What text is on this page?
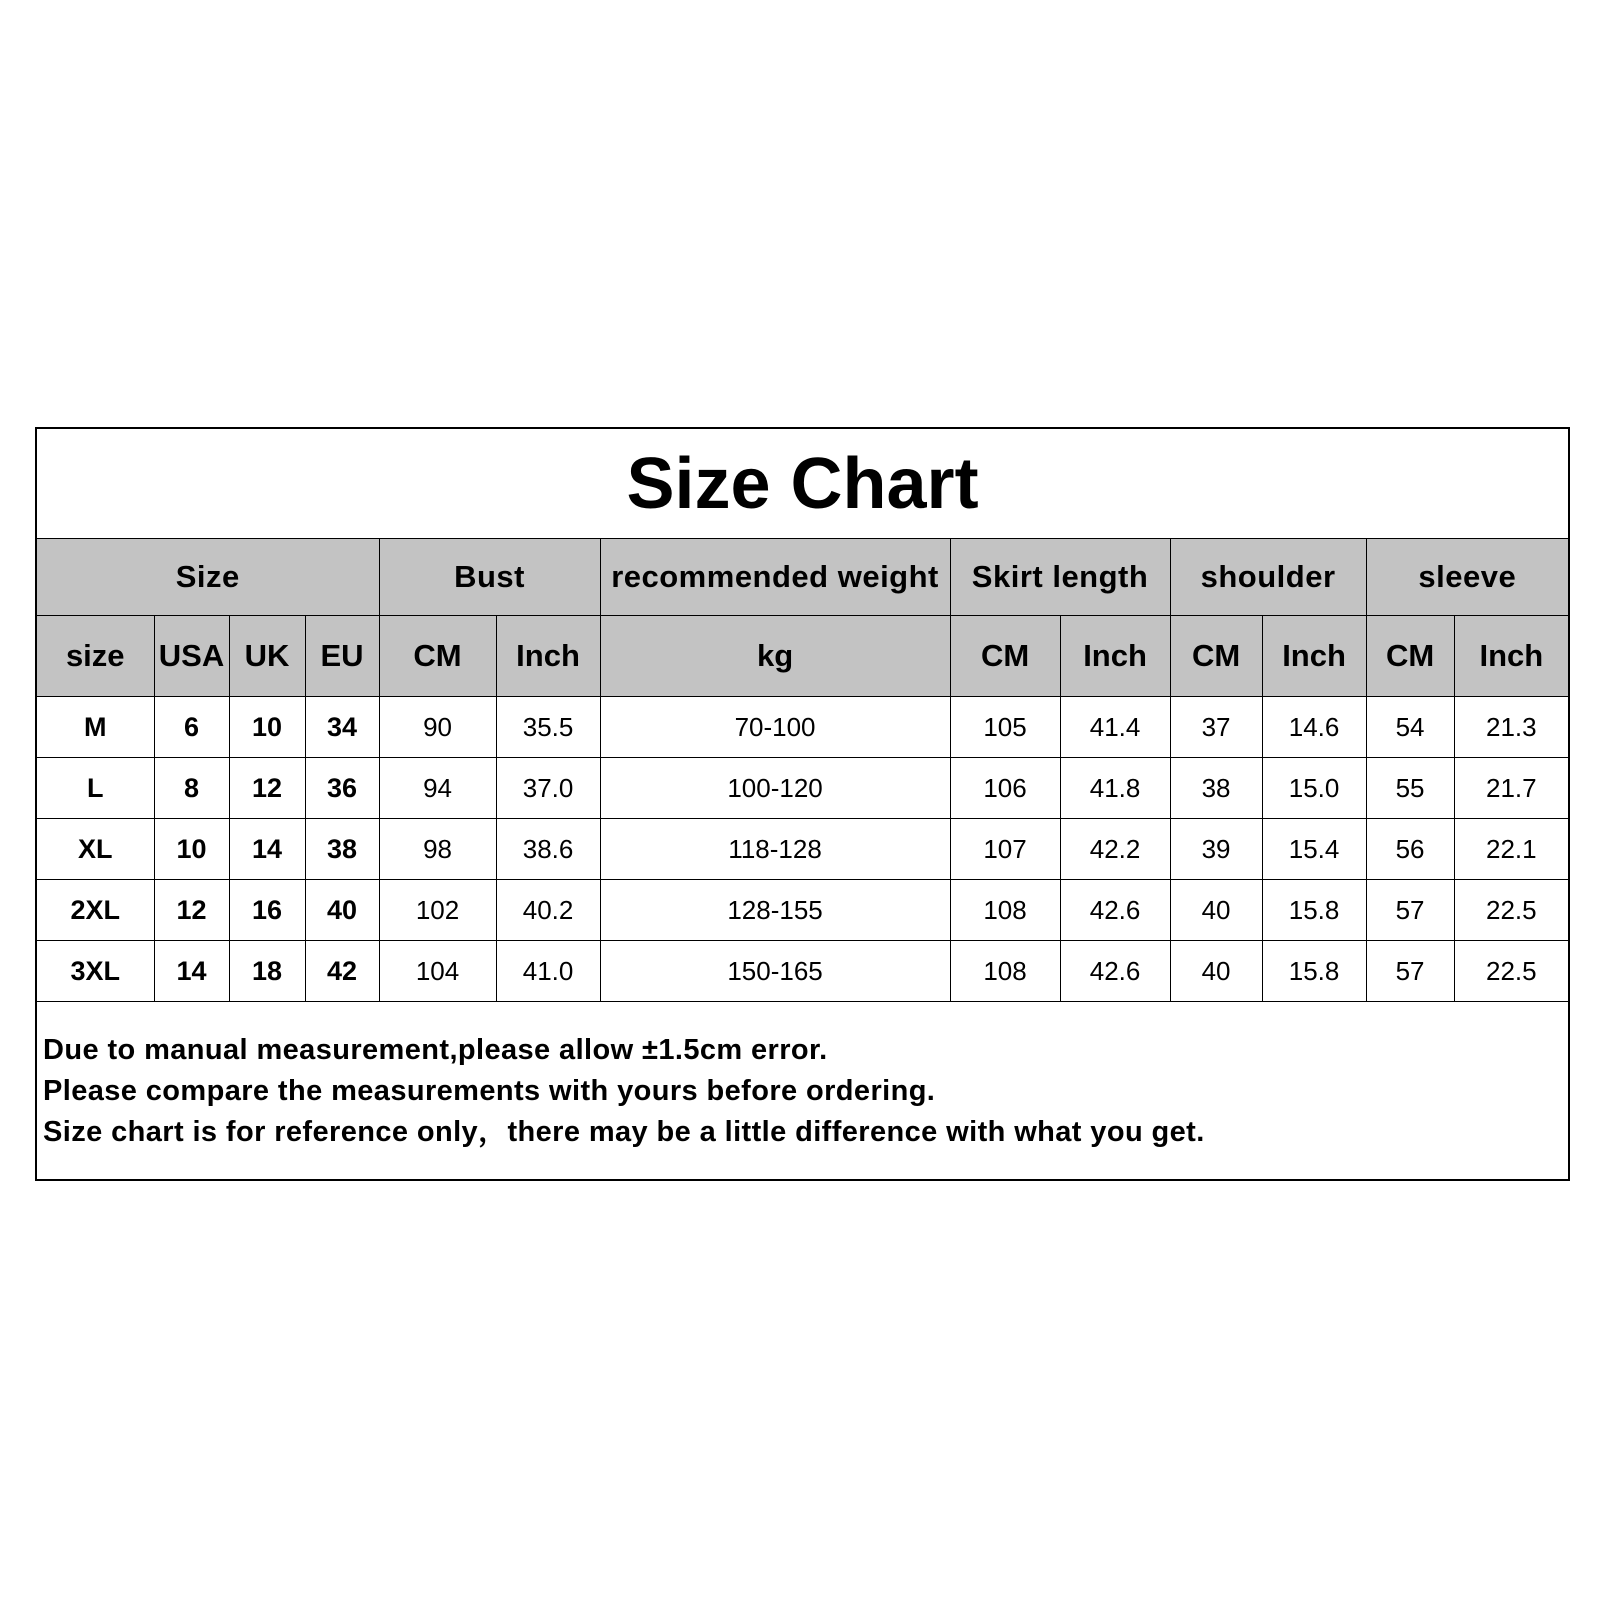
Size Chart
Size				Bust		recommended weight	Skirt length		shoulder		sleeve	
size	USA	UK	EU	CM	Inch	kg	CM	Inch	CM	Inch	CM	Inch
M	6	10	34	90	35.5	70-100	105	41.4	37	14.6	54	21.3
L	8	12	36	94	37.0	100-120	106	41.8	38	15.0	55	21.7
XL	10	14	38	98	38.6	118-128	107	42.2	39	15.4	56	22.1
2XL	12	16	40	102	40.2	128-155	108	42.6	40	15.8	57	22.5
3XL	14	18	42	104	41.0	150-165	108	42.6	40	15.8	57	22.5
Due to manual measurement,please allow ±1.5cm error.
Please compare the measurements with yours before ordering.
Size chart is for reference only，there may be a little difference with what you get.
